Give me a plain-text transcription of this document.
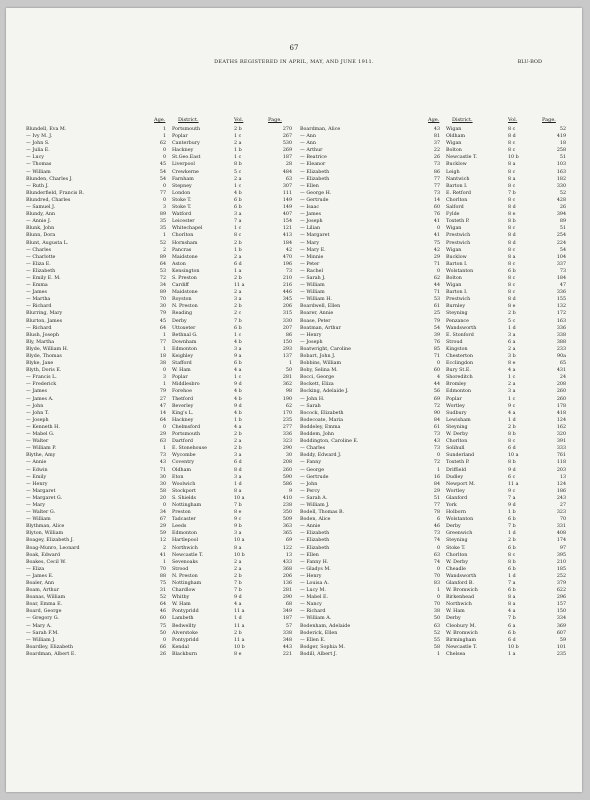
67
DEATHS REGISTERED IN APRIL, MAY, AND JUNE 1911.	BLU-BOD
Age.	District.	Vol.	Page.
Blundell, Eva M.	1 Portsmouth	2 b	270
— Ivy M. J.	1 Poplar	1 c	267
— John S.	62 Canterbury	2 a	530
— Julia E.	0 Hackney	1 b	269
— Lucy	0 St.Geo.East	1 c	187
— Thomas	45 Liverpool	8 b	28
— William	54 Crewkerne	5 c	484
Blunden, Charles J.	54 Farnham	2 a	63
— Ruth J.	0 Stepney	1 c	307
Blunderfield, Francis R.	77 London	4 b	111
Blundred, Charles	0 Stoke T.	6 b	149
— Samuel J.	3 Stoke T.	6 b	149
Blundy, Ann	89 Watford	3 a	407
— Annie J.	35 Leicester	7 a	154
Blunk, John	35 Whitechapel	1 c	121
Blunn, Dora	1 Chorlton	8 c	413
Blunt, Augusta L.	52 Hornsham	2 b	184
— Charles	2 Pancras	1 b	42
— Charlotte	89 Maidstone	2 a	470
— Eliza E.	64 Aston	6 d	196
— Elizabeth	53 Kensington	1 a	73
— Emily E. M.	72 S. Preston	2 b	210
— Emma	34 Cardiff	11 a	216
— James	89 Maidstone	2 a	446
— Martha	70 Royston	3 a	345
— Richard	30 N. Preston	2 b	206
Blurring, Mary	79 Reading	2 c	315
Blurton, James	45 Derby	7 b	330
— Richard	64 Uttoxeter	6 b	207
Blush, Joseph	1 Bethnal G.	1 c	86
Bly, Martha	77 Downham	4 b	150
Blyde, William H.	1 Edmonton	3 a	293
Blyde, Thomas	18 Keighley	9 a	137
Blyke, Jane	38 Stafford	6 b	1
Blyth, Doris E.	0 W. Ham	4 a	50
— Francis L.	3 Poplar	1 c	281
— Frederick	1 Middlesbro	9 d	362
— James	79 Forehoe	4 b	98
— James A.	27 Thetford	4 b	190
— John	47 Beverley	9 d	62
— John T.	14 King's L.	4 b	170
— Joseph	64 Hackney	1 b	235
— Kenneth H.	0 Chelmsford	4 a	277
— Mabel G.	29 Portsmouth	2 b	336
— Walter	63 Dartford	2 a	323
— William P.	1 E. Stonehouse	2 b	290
Blythe, Amy	73 Wycombe	3 a	30
— Annie	43 Coventry	6 d	208
— Edwin	71 Oldham	8 d	260
— Emily	30 Eton	3 a	590
— Henry	30 Woolwich	1 d	586
— Margaret	58 Stockport	8 a	9
— Margaret G.	20 S. Shields	10 a	410
— Mary	0 Nottingham	7 b	238
— Walter G.	34 Preston	8 e	350
— William	67 Tadcaster	9 c	509
Blythman, Alice	29 Leeds	9 b	363
Blyton, William	59 Edmonton	3 a	365
Boagey, Elizabeth J.	12 Hartlepool	10 a	69
Boag-Munro, Leonard	2 Northwich	8 a	122
Boak, Edward	41 Newcastle T.	10 b	13
Boakes, Cecil W.	1 Sevenoaks	2 a	433
— Eliza	70 Strood	2 a	368
— James E.	88 N. Preston	2 b	206
Boaler, Ann	75 Nottingham	7 b	136
Boam, Arthur	31 Chardlow	7 b	281
Boanas, William	52 Whitby	9 d	290
Boar, Emma E.	64 W. Ham	4 a	68
Board, George	46 Pontypridd	11 a	349
— Gregory G.	60 Lambeth	1 d	187
— Mary A.	75 Bedwellty	11 a	57
— Sarah F.M.	50 Alverstoke	2 b	338
— William J.	0 Pontypridd	11 a	348
Boardley, Elizabeth	66 Kendal	10 b	443
Boardman, Albert E.	26 Blackburn	8 e	221
Age.	District.	Vol.	Page.
Boardman, Alice	43 Wigan	8 c	52
— Ann	81 Oldham	8 d	419
— Ann	37 Wigan	8 c	18
— Arthur	22 Bolton	8 c	258
— Beatrice	26 Newcastle T.	10 b	51
— Eleanor	73 Bucklow	8 a	103
— Elizabeth	86 Leigh	8 c	163
— Elizabeth	77 Nantwich	8 a	182
— Ellen	77 Barton I.	8 c	330
— George H.	73 E. Retford	7 b	52
— Gertrude	14 Chorlton	8 c	428
— Isaac	60 Salford	8 d	26
— James	76 Fylde	8 e	394
— Joseph	41 Toxteth P.	8 b	89
— Lilian	0 Wigan	8 c	51
— Margaret	41 Prestwich	8 d	254
— Mary	75 Prestwich	8 d	224
— Mary E.	42 Wigan	8 c	54
— Minnie	29 Bucklow	8 a	104
— Peter	71 Barton I.	8 c	337
— Rachel	0 Wolstanton	6 b	73
— Sarah J.	62 Bolton	8 c	184
— William	44 Wigan	8 c	47
— William	71 Barton I.	8 c	336
— William H.	53 Prestwich	8 d	155
Boardwell, Ellen	61 Burnley	8 e	132
Boarer, Annie	25 Steyning	2 b	172
Boase, Peter	79 Penzance	5 c	163
Boatman, Arthur	54 Wandsworth	1 d	336
— Henry	39 E. Stonford	3 a	338
— Joseph	76 Stroud	6 a	388
Boatwright, Caroline	85 Kingston	2 a	233
Bobart, John J.	71 Chesterton	3 b	90a
Bobbins, William	0 Ecclingdon	8 e	65
Boby, Selina M.	60 Bury St.E.	4 a	431
Bocci, George	4 Shoreditch	1 c	24
Bockett, Eliza	44 Bromley	2 a	208
Bocking, Adelaide J.	56 Edmonton	3 a	260
— John H.	69 Poplar	1 c	260
— Sarah	72 Wortley	9 c	178
Bocock, Elizabeth	90 Sudbury	4 a	418
Bodecoate, Maria	84 Lewisham	1 d	124
Boddeley, Emma	61 Steyning	2 b	162
Boddem, John	73 W. Derby	8 b	320
Boddington, Caroline E.	43 Chorlton	8 c	391
— Charles	73 Solihull	6 d	333
Boddy, Edward J.	0 Sunderland	10 a	761
— Fanny	72 Toxteth P.	8 b	118
— George	1 Driffield	9 d	203
— Gertrude	16 Dudley	6 c	13
— John	84 Newport M.	11 a	124
— Percy	29 Wortley	9 c	186
— Sarah A.	51 Glanford	7 a	243
— William J.	77 York	9 d	27
Bodell, Thomas B.	78 Holborn	1 b	323
Boden, Alice	6 Wolstanton	6 b	70
— Annie	46 Derby	7 b	331
— Elizabeth	73 Greenwich	1 d	408
— Elizabeth	74 Steyning	2 b	174
— Elizabeth	0 Stoke T.	6 b	97
— Ellen	63 Chorlton	8 c	395
— Fanny H.	74 W. Derby	8 b	210
— Gladys M.	0 Cheadle	6 b	185
— Henry	70 Wandsworth	1 d	252
— Louisa A.	83 Glanford B.	7 a	379
— Lucy M.	1 W. Bromwich	6 b	622
— Mabel E.	0 Birkenhead	8 a	296
— Nancy	70 Northwich	8 a	157
— Richard	38 W. Ham	4 a	150
— William A.	50 Derby	7 b	334
Bodenham, Adelaide	63 Cleobury M.	6 a	369
Boderick, Ellen	52 W. Bromwich	6 b	607
— Ellen E.	55 Birmingham	6 d	59
Bodger, Sophia M.	58 Newcastle T.	10 b	101
Bodill, Albert J.	1 Chelsea	1 a	235
